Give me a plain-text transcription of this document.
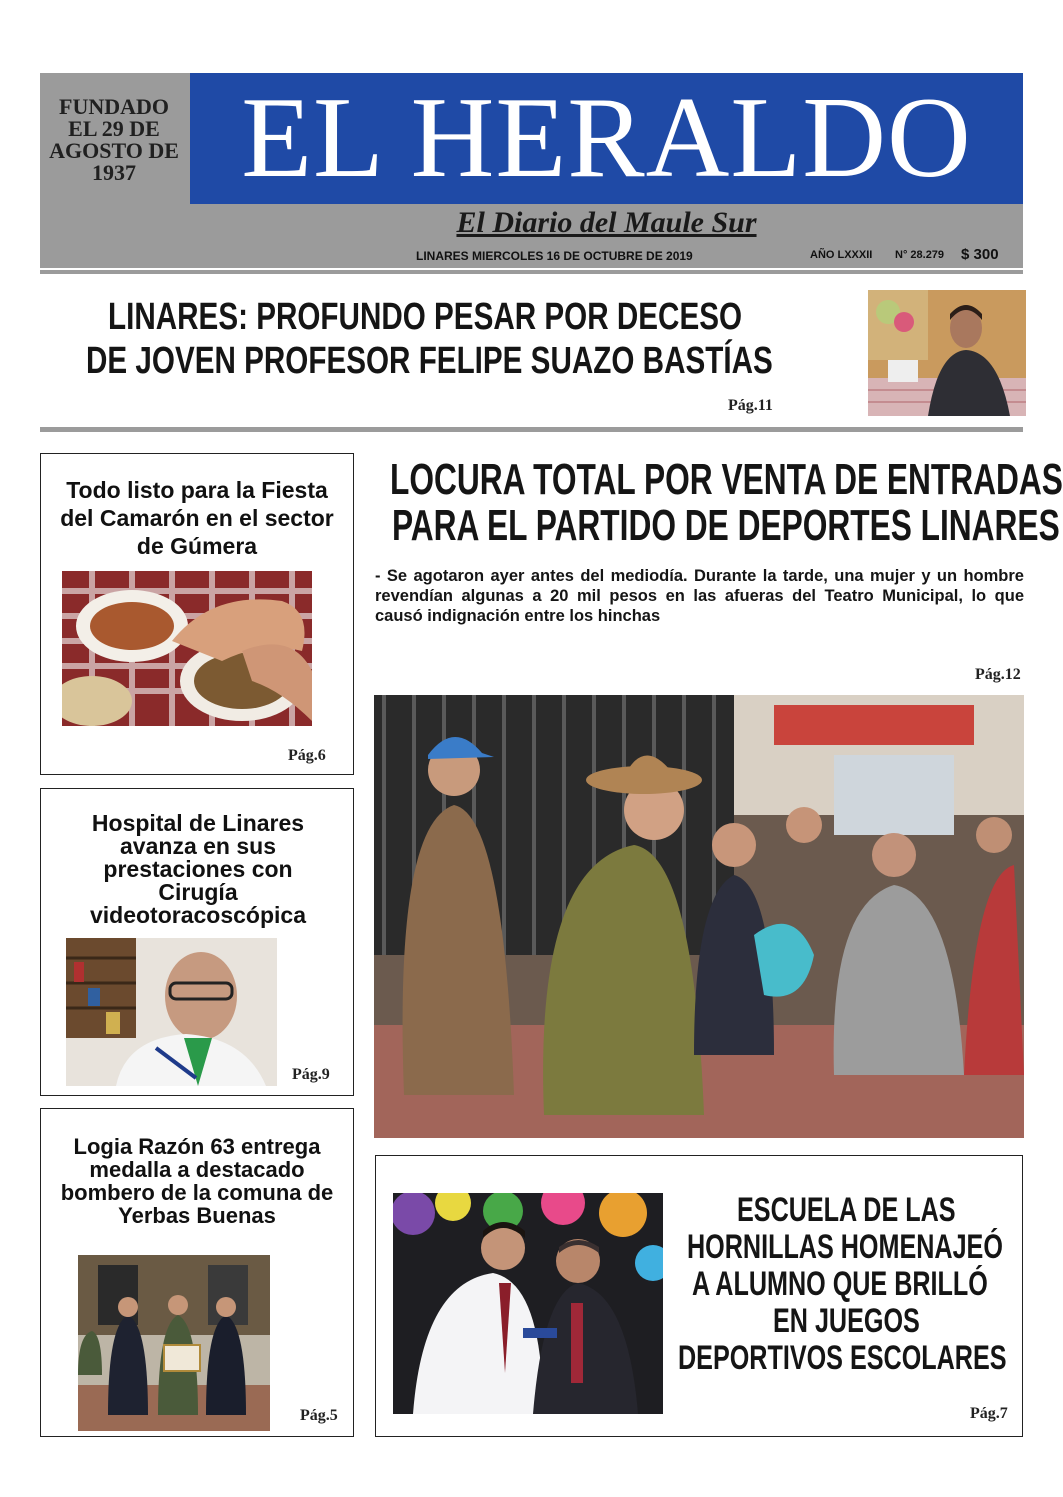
FUNDADO EL 29 DE AGOSTO DE 1937 EL HERALDO
El Diario del Maule Sur
LINARES MIERCOLES 16 DE OCTUBRE DE 2019	AÑO LXXXII N° 28.279 $ 300
LINARES: PROFUNDO PESAR POR DECESO
DE JOVEN PROFESOR FELIPE SUAZO BASTÍAS
Pág.11
LOCURA TOTAL POR VENTA DE ENTRADAS
PARA EL PARTIDO DE DEPORTES LINARES
- Se agotaron ayer antes del mediodía. Durante la tarde, una mujer y un hombre revendían algunas a 20 mil pesos en las afueras del Teatro Municipal, lo que causó indignación entre los hinchas
Pág.12
Todo listo para la Fiesta del Camarón en el sector de Gúmera
Pág.6
Hospital de Linares avanza en sus prestaciones con Cirugía videotoracoscópica
Pág.9
Logia Razón 63 entrega medalla a destacado bombero de la comuna de Yerbas Buenas
Pág.5
ESCUELA DE LAS
HORNILLAS HOMENAJEÓ
A ALUMNO QUE BRILLÓ
EN JUEGOS
DEPORTIVOS ESCOLARES
Pág.7
